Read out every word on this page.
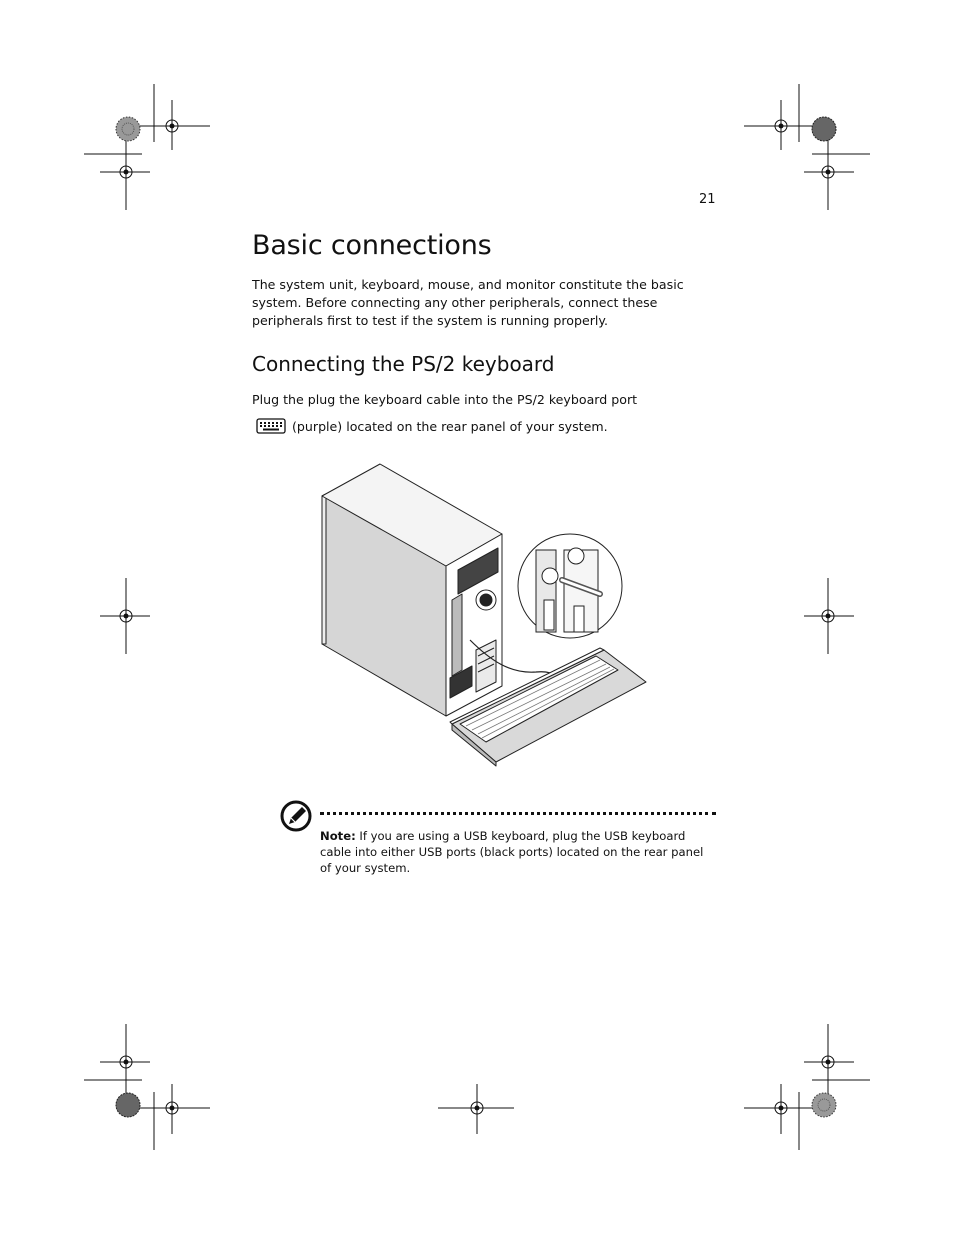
21
Basic connections

The system unit, keyboard, mouse, and monitor constitute the basic system. Before connecting any other peripherals, connect these peripherals first to test if the system is running properly.

Connecting the PS/2 keyboard
Plug the plug the keyboard cable into the PS/2 keyboard port
(purple) located on the rear panel of your system.

Note: If you are using a USB keyboard, plug the USB keyboard cable into either USB ports (black ports) located on the rear panel of your system.
